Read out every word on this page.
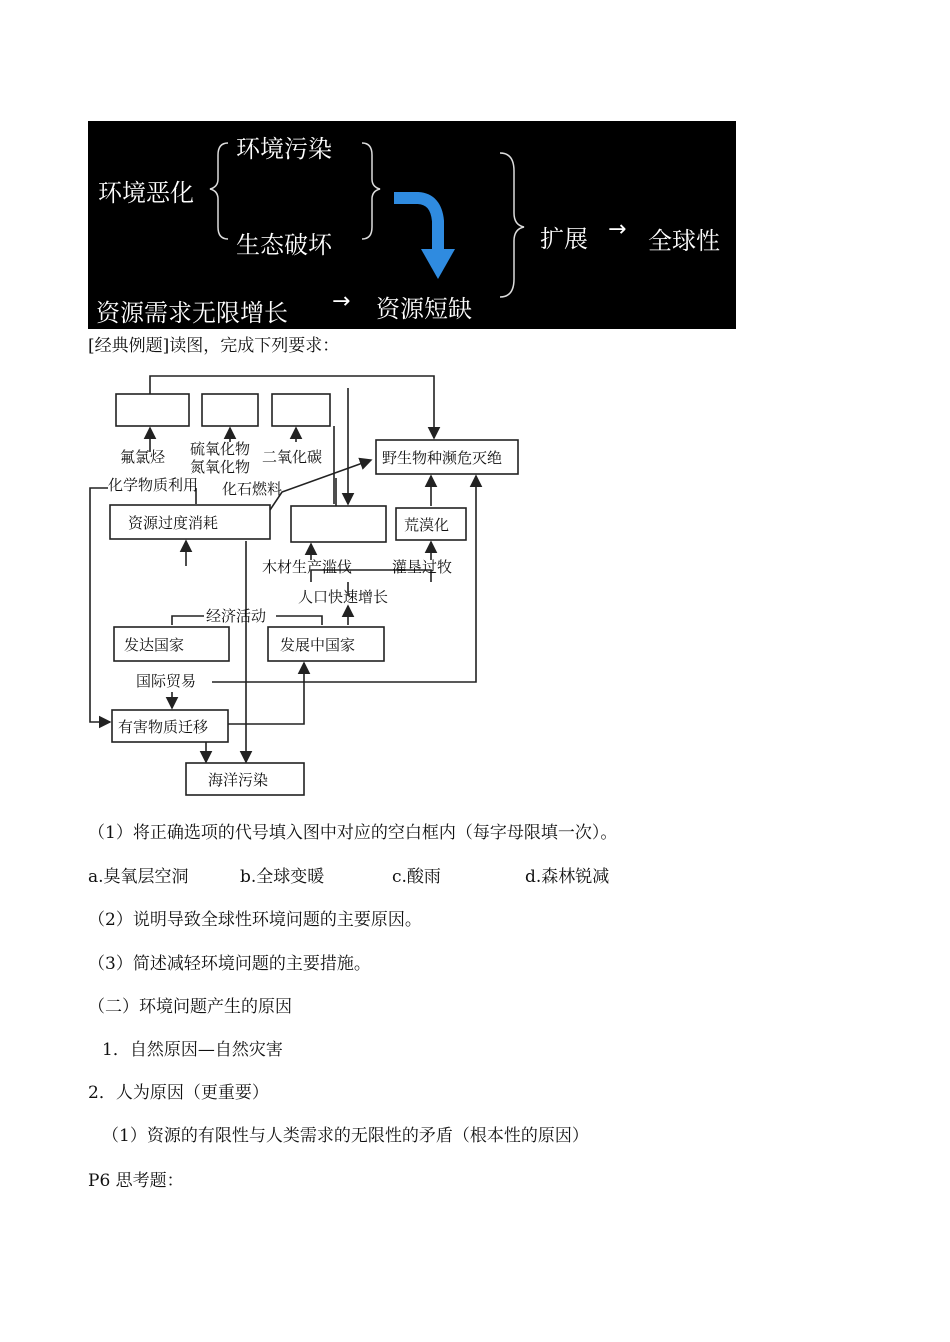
环境恶化
环境污染
生态破坏	扩展 → 全球性
资源需求无限增长 → 资源短缺
[经典例题]读图，完成下列要求：
氟氯烃 硫氧化物
氮氧化物
二氧化碳
化学物质利用 化石燃料
野生物种濒危灭绝
资源过度消耗	荒漠化
木材生产滥伐	灌垦过牧
人口快速增长
经济活动
发达国家	发展中国家
国际贸易
有害物质迁移
海洋污染
（1）将正确选项的代号填入图中对应的空白框内（每字母限填一次）。
a.臭氧层空洞	b.全球变暖	c.酸雨	d.森林锐减
（2）说明导致全球性环境问题的主要原因。
（3）简述减轻环境问题的主要措施。
（二）环境问题产生的原因
1．自然原因—自然灾害
2．人为原因（更重要）
（1）资源的有限性与人类需求的无限性的矛盾（根本性的原因）
P6 思考题：
